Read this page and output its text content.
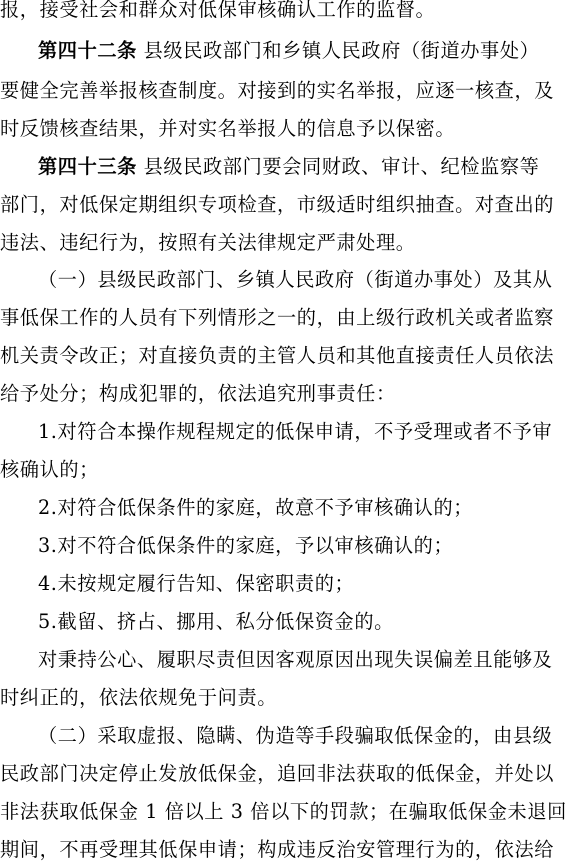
报，接受社会和群众对低保审核确认工作的监督。
第四十二条 县级民政部门和乡镇人民政府（街道办事处）
要健全完善举报核查制度。对接到的实名举报，应逐一核查，及
时反馈核查结果，并对实名举报人的信息予以保密。
第四十三条 县级民政部门要会同财政、审计、纪检监察等
部门，对低保定期组织专项检查，市级适时组织抽查。对查出的
违法、违纪行为，按照有关法律规定严肃处理。
（一）县级民政部门、乡镇人民政府（街道办事处）及其从
事低保工作的人员有下列情形之一的，由上级行政机关或者监察
机关责令改正；对直接负责的主管人员和其他直接责任人员依法
给予处分；构成犯罪的，依法追究刑事责任：
1.对符合本操作规程规定的低保申请，不予受理或者不予审
核确认的；
2.对符合低保条件的家庭，故意不予审核确认的；
3.对不符合低保条件的家庭，予以审核确认的；
4.未按规定履行告知、保密职责的；
5.截留、挤占、挪用、私分低保资金的。
对秉持公心、履职尽责但因客观原因出现失误偏差且能够及
时纠正的，依法依规免于问责。
（二）采取虚报、隐瞒、伪造等手段骗取低保金的，由县级
民政部门决定停止发放低保金，追回非法获取的低保金，并处以
非法获取低保金 1 倍以上 3 倍以下的罚款；在骗取低保金未退回
期间，不再受理其低保申请；构成违反治安管理行为的，依法给
